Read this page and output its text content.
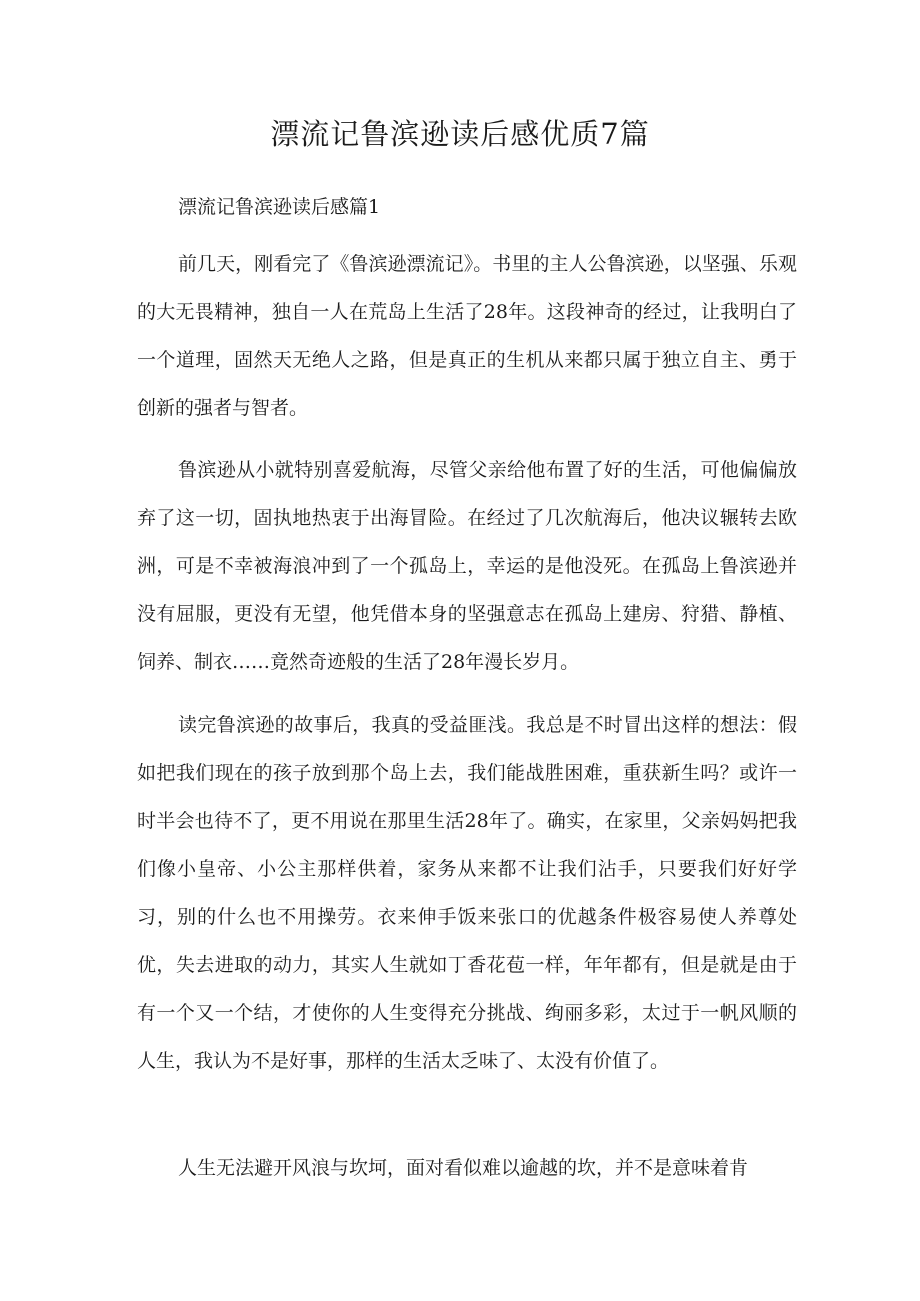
漂流记鲁滨逊读后感优质7篇
漂流记鲁滨逊读后感篇1

前几天，刚看完了《鲁滨逊漂流记》。书里的主人公鲁滨逊，以坚强、乐观的大无畏精神，独自一人在荒岛上生活了28年。这段神奇的经过，让我明白了一个道理，固然天无绝人之路，但是真正的生机从来都只属于独立自主、勇于创新的强者与智者。

鲁滨逊从小就特别喜爱航海，尽管父亲给他布置了好的生活，可他偏偏放弃了这一切，固执地热衷于出海冒险。在经过了几次航海后，他决议辗转去欧洲，可是不幸被海浪冲到了一个孤岛上，幸运的是他没死。在孤岛上鲁滨逊并没有屈服，更没有无望，他凭借本身的坚强意志在孤岛上建房、狩猎、静植、饲养、制衣……竟然奇迹般的生活了28年漫长岁月。

读完鲁滨逊的故事后，我真的受益匪浅。我总是不时冒出这样的想法：假如把我们现在的孩子放到那个岛上去，我们能战胜困难，重获新生吗？或许一时半会也待不了，更不用说在那里生活28年了。确实，在家里，父亲妈妈把我们像小皇帝、小公主那样供着，家务从来都不让我们沾手，只要我们好好学习，别的什么也不用操劳。衣来伸手饭来张口的优越条件极容易使人养尊处优，失去进取的动力，其实人生就如丁香花苞一样，年年都有，但是就是由于有一个又一个结，才使你的人生变得充分挑战、绚丽多彩，太过于一帆风顺的人生，我认为不是好事，那样的生活太乏味了、太没有价值了。

人生无法避开风浪与坎坷，面对看似难以逾越的坎，并不是意味着肯
